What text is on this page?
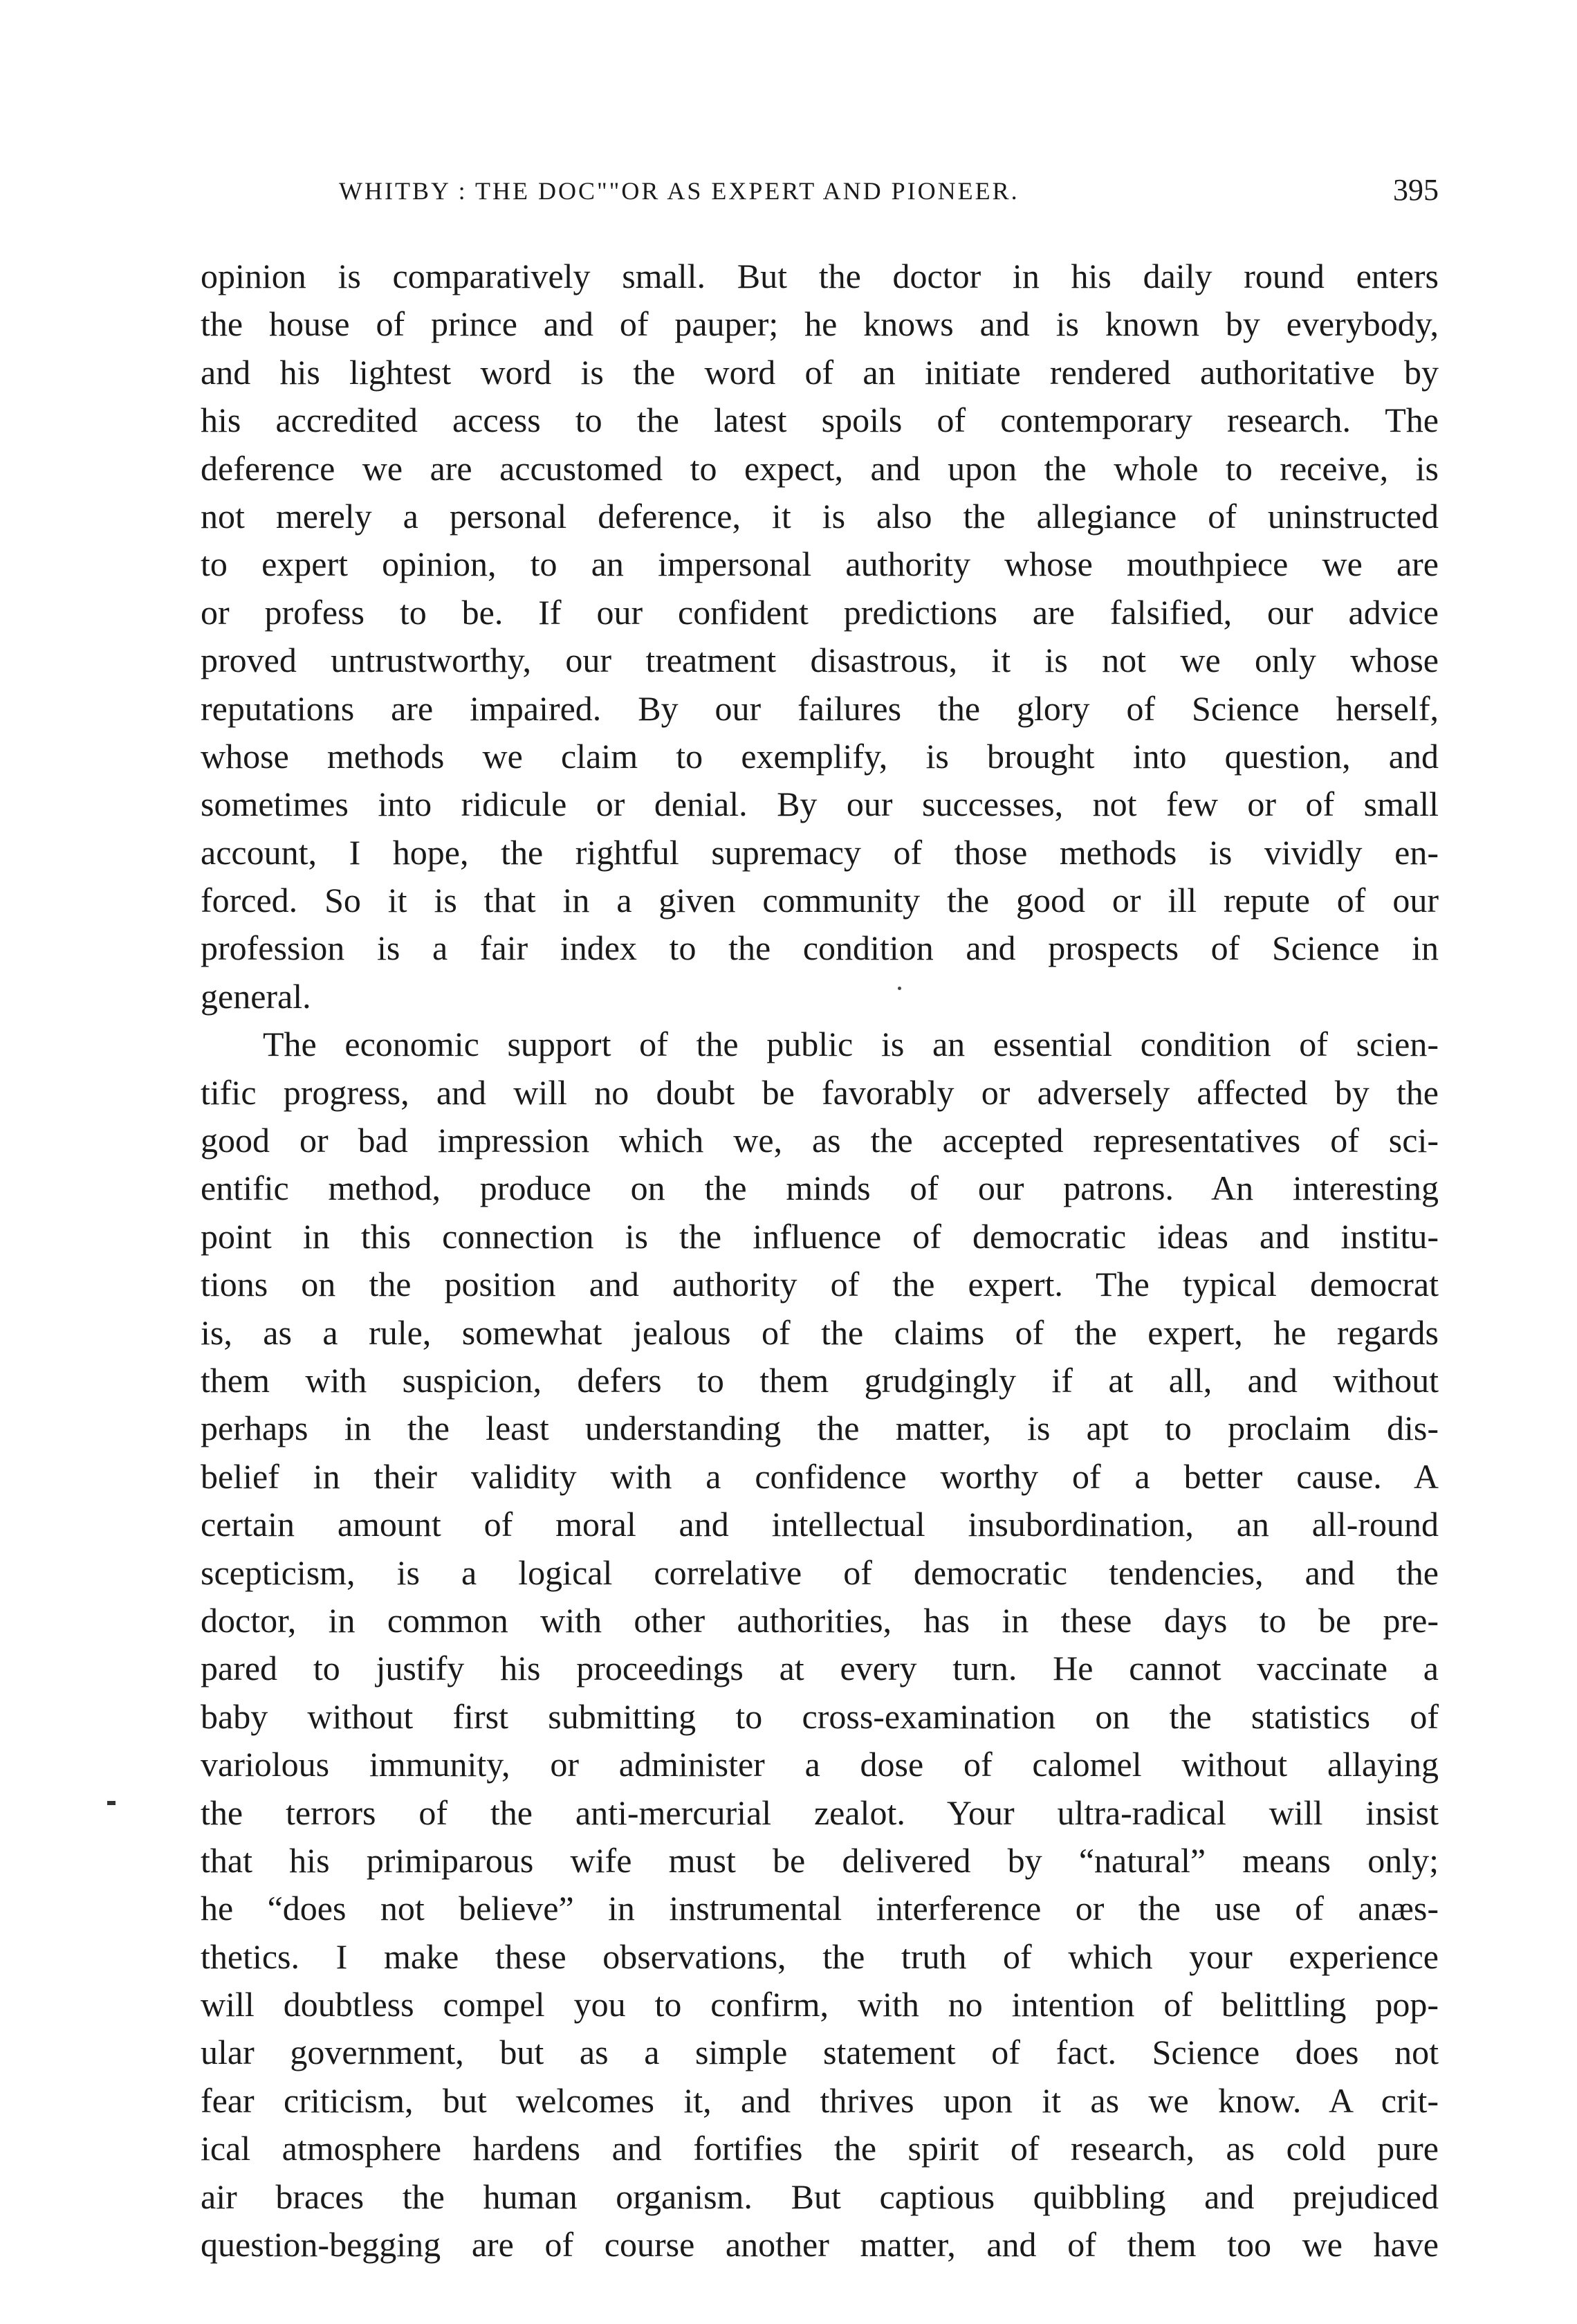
WHITBY : THE DOC""OR AS EXPERT AND PIONEER.	395
opinion is comparatively small. But the doctor in his daily round enters
the house of prince and of pauper; he knows and is known by everybody,
and his lightest word is the word of an initiate rendered authoritative by
his accredited access to the latest spoils of contemporary research. The
deference we are accustomed to expect, and upon the whole to receive, is
not merely a personal deference, it is also the allegiance of uninstructed
to expert opinion, to an impersonal authority whose mouthpiece we are
or profess to be. If our confident predictions are falsified, our advice
proved untrustworthy, our treatment disastrous, it is not we only whose
reputations are impaired. By our failures the glory of Science herself,
whose methods we claim to exemplify, is brought into question, and
sometimes into ridicule or denial. By our successes, not few or of small
account, I hope, the rightful supremacy of those methods is vividly en-
forced. So it is that in a given community the good or ill repute of our
profession is a fair index to the condition and prospects of Science in
general.
The economic support of the public is an essential condition of scien-
tific progress, and will no doubt be favorably or adversely affected by the
good or bad impression which we, as the accepted representatives of sci-
entific method, produce on the minds of our patrons. An interesting
point in this connection is the influence of democratic ideas and institu-
tions on the position and authority of the expert. The typical democrat
is, as a rule, somewhat jealous of the claims of the expert, he regards
them with suspicion, defers to them grudgingly if at all, and without
perhaps in the least understanding the matter, is apt to proclaim dis-
belief in their validity with a confidence worthy of a better cause. A
certain amount of moral and intellectual insubordination, an all-round
scepticism, is a logical correlative of democratic tendencies, and the
doctor, in common with other authorities, has in these days to be pre-
pared to justify his proceedings at every turn. He cannot vaccinate a
baby without first submitting to cross-examination on the statistics of
variolous immunity, or administer a dose of calomel without allaying
the terrors of the anti-mercurial zealot. Your ultra-radical will insist
that his primiparous wife must be delivered by “natural” means only;
he “does not believe” in instrumental interference or the use of anæs-
thetics. I make these observations, the truth of which your experience
will doubtless compel you to confirm, with no intention of belittling pop-
ular government, but as a simple statement of fact. Science does not
fear criticism, but welcomes it, and thrives upon it as we know. A crit-
ical atmosphere hardens and fortifies the spirit of research, as cold pure
air braces the human organism. But captious quibbling and prejudiced
question-begging are of course another matter, and of them too we have
